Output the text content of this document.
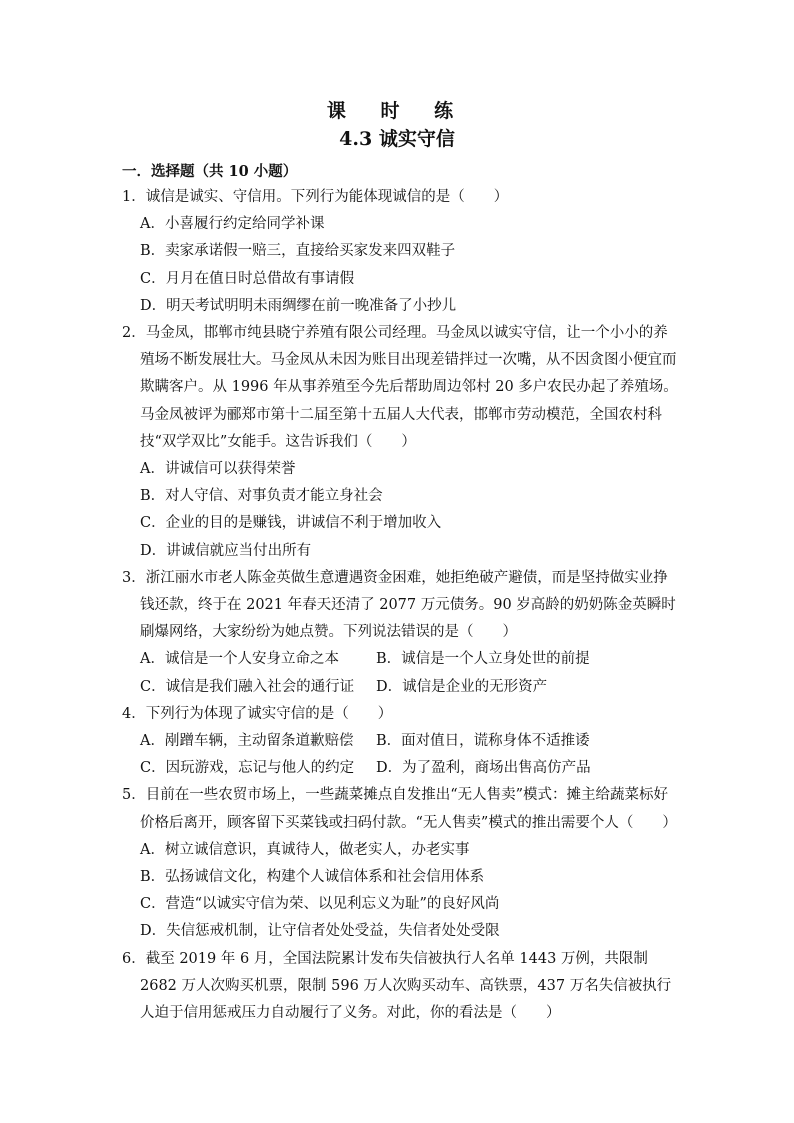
课 时 练
4.3 诚实守信
一．选择题（共 10 小题）

1．诚信是诚实、守信用。下列行为能体现诚信的是（　　）

A．小喜履行约定给同学补课

B．卖家承诺假一赔三，直接给买家发来四双鞋子

C．月月在值日时总借故有事请假

D．明天考试明明未雨绸缪在前一晚准备了小抄儿

2．马金凤，邯郸市纯县晓宁养殖有限公司经理。马金凤以诚实守信，让一个小小的养殖场不断发展壮大。马金凤从未因为账目出现差错拌过一次嘴，从不因贪图小便宜而欺瞒客户。从 1996 年从事养殖至今先后帮助周边邻村 20 多户农民办起了养殖场。马金凤被评为郦郑市第十二届至第十五届人大代表，邯郸市劳动模范，全国农村科技“双学双比”女能手。这告诉我们（　　）

A．讲诚信可以获得荣誉

B．对人守信、对事负责才能立身社会

C．企业的目的是赚钱，讲诚信不利于增加收入

D．讲诚信就应当付出所有

3．浙江丽水市老人陈金英做生意遭遇资金困难，她拒绝破产避债，而是坚持做实业挣钱还款，终于在 2021 年春天还清了 2077 万元债务。90 岁高龄的奶奶陈金英瞬时刷爆网络，大家纷纷为她点赞。下列说法错误的是（　　）

A．诚信是一个人安身立命之本	B．诚信是一个人立身处世的前提
C．诚信是我们融入社会的通行证	D．诚信是企业的无形资产

4．下列行为体现了诚实守信的是（　　）

A．剐蹭车辆，主动留条道歉赔偿	B．面对值日，谎称身体不适推诿
C．因玩游戏，忘记与他人的约定	D．为了盈利，商场出售高仿产品

5．目前在一些农贸市场上，一些蔬菜摊点自发推出“无人售卖”模式：摊主给蔬菜标好价格后离开，顾客留下买菜钱或扫码付款。“无人售卖”模式的推出需要个人（　　）

A．树立诚信意识，真诚待人，做老实人，办老实事

B．弘扬诚信文化，构建个人诚信体系和社会信用体系

C．营造“以诚实守信为荣、以见利忘义为耻”的良好风尚

D．失信惩戒机制，让守信者处处受益，失信者处处受限

6．截至 2019 年 6 月，全国法院累计发布失信被执行人名单 1443 万例，共限制 2682 万人次购买机票，限制 596 万人次购买动车、高铁票，437 万名失信被执行人迫于信用惩戒压力自动履行了义务。对此，你的看法是（　　）
